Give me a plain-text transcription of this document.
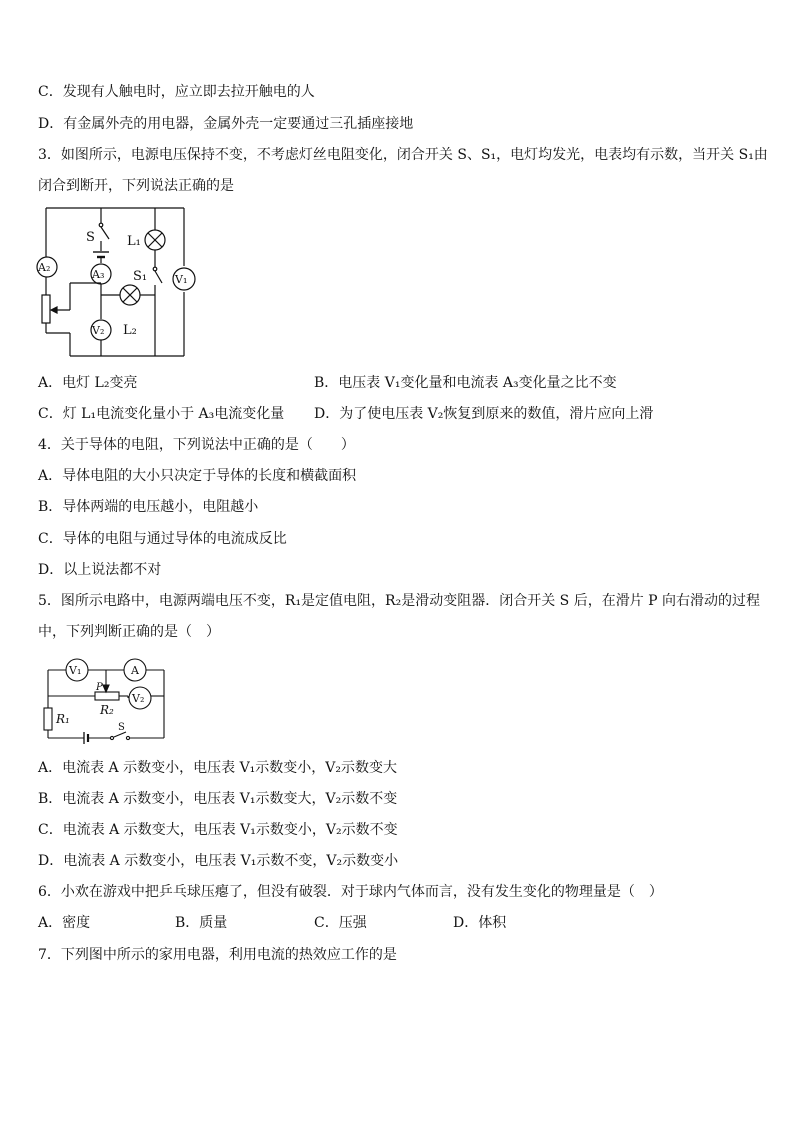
C．发现有人触电时，应立即去拉开触电的人
D．有金属外壳的用电器，金属外壳一定要通过三孔插座接地
3．如图所示，电源电压保持不变，不考虑灯丝电阻变化，闭合开关 S、S₁，电灯均发光，电表均有示数，当开关 S₁由
闭合到断开，下列说法正确的是
S L₁
S₁
L₂
A₂
A₃	V₁
V₂
A．电灯 L₂变亮	B．电压表 V₁变化量和电流表 A₃变化量之比不变
C．灯 L₁电流变化量小于 A₃电流变化量 D．为了使电压表 V₂恢复到原来的数值，滑片应向上滑
4．关于导体的电阻，下列说法中正确的是（　　）
A．导体电阻的大小只决定于导体的长度和横截面积
B．导体两端的电压越小，电阻越小
C．导体的电阻与通过导体的电流成反比
D．以上说法都不对
5．图所示电路中，电源两端电压不变，R₁是定值电阻，R₂是滑动变阻器．闭合开关 S 后，在滑片 P 向右滑动的过程
中，下列判断正确的是（　）
V₁	A
P
R₂
V₂
R₁
S
A．电流表 A 示数变小，电压表 V₁示数变小，V₂示数变大
B．电流表 A 示数变小，电压表 V₁示数变大，V₂示数不变
C．电流表 A 示数变大，电压表 V₁示数变小，V₂示数不变
D．电流表 A 示数变小，电压表 V₁示数不变，V₂示数变小
6．小欢在游戏中把乒乓球压瘪了，但没有破裂．对于球内气体而言，没有发生变化的物理量是（　）
A．密度	B．质量	C．压强	D．体积
7．下列图中所示的家用电器，利用电流的热效应工作的是
